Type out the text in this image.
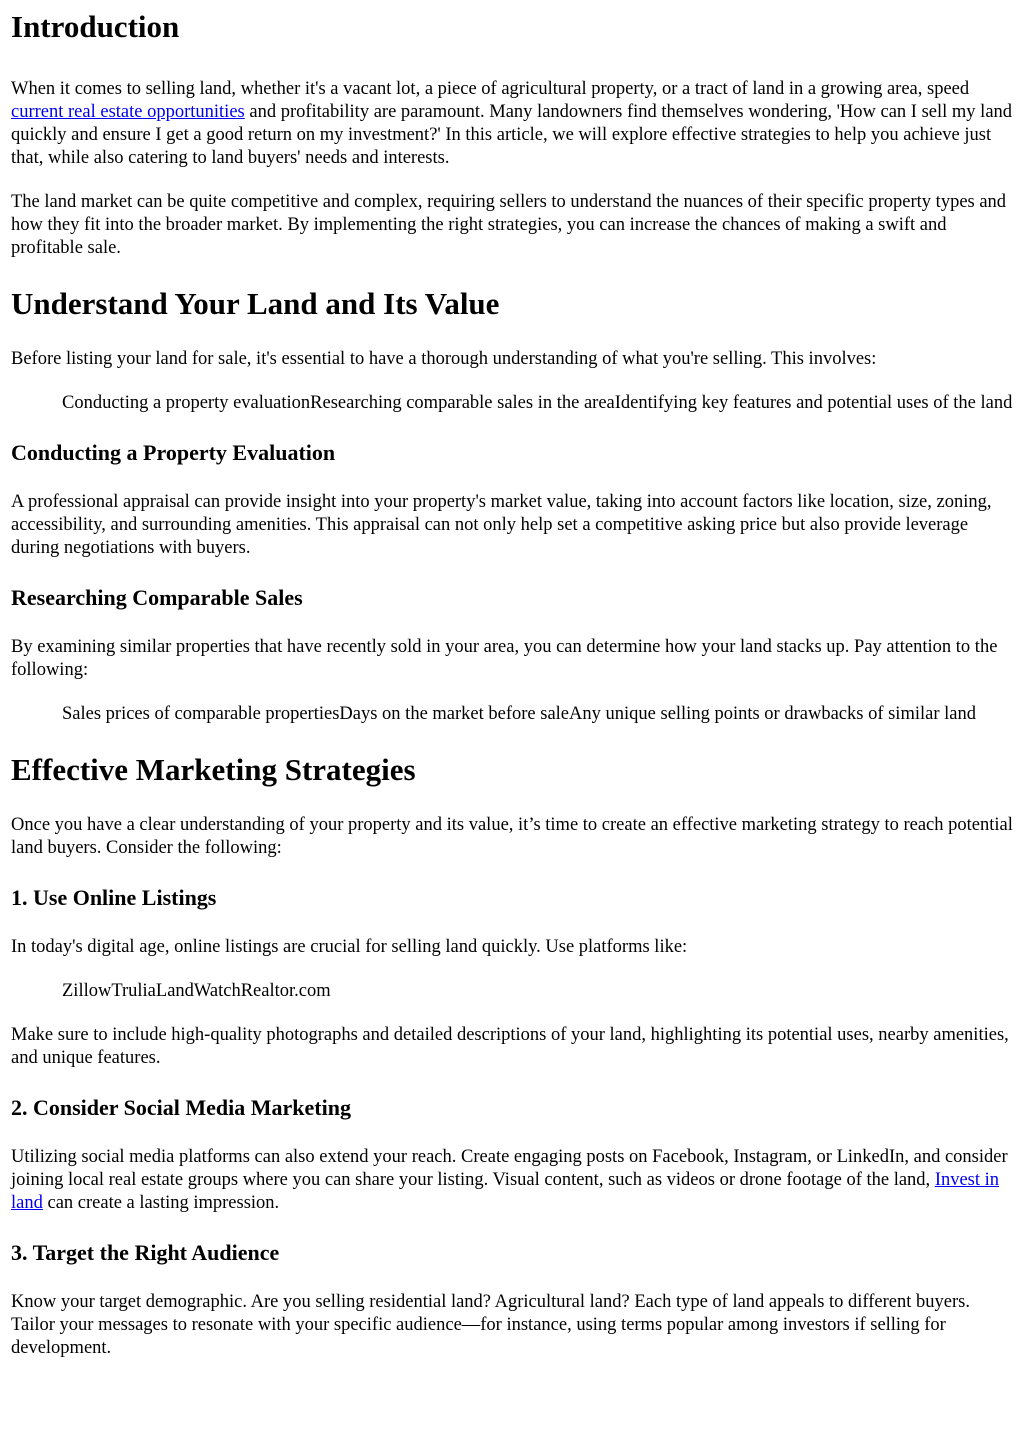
Introduction

When it comes to selling land, whether it's a vacant lot, a piece of agricultural property, or a tract of land in a growing area, speed current real estate opportunities and profitability are paramount. Many landowners find themselves wondering, 'How can I sell my land quickly and ensure I get a good return on my investment?' In this article, we will explore effective strategies to help you achieve just that, while also catering to land buyers' needs and interests.

The land market can be quite competitive and complex, requiring sellers to understand the nuances of their specific property types and how they fit into the broader market. By implementing the right strategies, you can increase the chances of making a swift and profitable sale.

Understand Your Land and Its Value

Before listing your land for sale, it's essential to have a thorough understanding of what you're selling. This involves:

Conducting a property evaluationResearching comparable sales in the areaIdentifying key features and potential uses of the land
Conducting a Property Evaluation

A professional appraisal can provide insight into your property's market value, taking into account factors like location, size, zoning, accessibility, and surrounding amenities. This appraisal can not only help set a competitive asking price but also provide leverage during negotiations with buyers.

Researching Comparable Sales

By examining similar properties that have recently sold in your area, you can determine how your land stacks up. Pay attention to the following:

Sales prices of comparable propertiesDays on the market before saleAny unique selling points or drawbacks of similar land
Effective Marketing Strategies

Once you have a clear understanding of your property and its value, it’s time to create an effective marketing strategy to reach potential land buyers. Consider the following:

1. Use Online Listings

In today's digital age, online listings are crucial for selling land quickly. Use platforms like:

ZillowTruliaLandWatchRealtor.com

Make sure to include high-quality photographs and detailed descriptions of your land, highlighting its potential uses, nearby amenities, and unique features.

2. Consider Social Media Marketing

Utilizing social media platforms can also extend your reach. Create engaging posts on Facebook, Instagram, or LinkedIn, and consider joining local real estate groups where you can share your listing. Visual content, such as videos or drone footage of the land, Invest in land can create a lasting impression.

3. Target the Right Audience

Know your target demographic. Are you selling residential land? Agricultural land? Each type of land appeals to different buyers. Tailor your messages to resonate with your specific audience—for instance, using terms popular among investors if selling for development.
